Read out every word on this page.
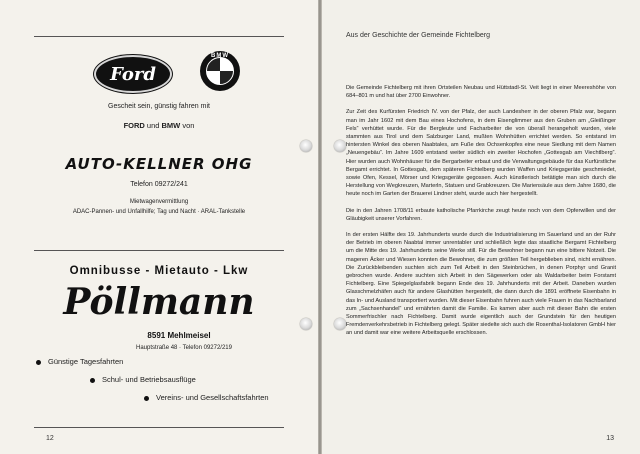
Ford
BMW
Gescheit sein, günstig fahren mit
FORD und BMW von
AUTO-KELLNER OHG
Telefon 09272/241
Mietwagenvermittlung
ADAC-Pannen- und Unfallhilfe; Tag und Nacht · ARAL-Tankstelle
Omnibusse - Mietauto - Lkw
Pöllmann
8591 Mehlmeisel
Hauptstraße 48 · Telefon 09272/219
Günstige Tagesfahrten
Schul- und Betriebsausflüge
Vereins- und Gesellschaftsfahrten
12
Aus der Geschichte der Gemeinde Fichtelberg

Die Gemeinde Fichtelberg mit ihren Ortsteilen Neubau und Hüttstadl-St. Veit liegt in einer Meereshöhe von 684–801 m und hat über 2700 Einwohner.

Zur Zeit des Kurfürsten Friedrich IV. von der Pfalz, der auch Landesherr in der oberen Pfalz war, begann man im Jahr 1602 mit dem Bau eines Hochofens, in dem Eisenglimmer aus den Gruben am „Gleißinger Fels“ verhüttet wurde. Für die Bergleute und Facharbeiter die von überall herangeholt wurden, viele stammten aus Tirol und dem Salzburger Land, mußten Wohnhütten errichtet werden. So entstand im hintersten Winkel des oberen Naabtales, am Fuße des Ochsenkopfes eine neue Siedlung mit dem Namen „Neuengebäu“. Im Jahre 1609 entstand weiter südlich ein zweiter Hochofen „Gottesgab am Viechtlberg“. Hier wurden auch Wohnhäuser für die Bergarbeiter erbaut und die Verwaltungsgebäude für das Kurfürstliche Bergamt errichtet. In Gottesgab, dem späteren Fichtelberg wurden Waffen und Kriegsgeräte geschmiedet, sowie Ofen, Kessel, Mörser und Kriegsgeräte gegossen. Auch künstlerisch betätigte man sich durch die Herstellung von Wegkreuzen, Marterln, Statuen und Grabkreuzen. Die Mariensäule aus dem Jahre 1680, die heute noch im Garten der Brauerei Lindner steht, wurde auch hier hergestellt.

Die in den Jahren 1708/11 erbaute katholische Pfarrkirche zeugt heute noch von dem Opferwillen und der Gläubigkeit unserer Vorfahren.

In der ersten Hälfte des 19. Jahrhunderts wurde durch die Industrialisierung im Sauerland und an der Ruhr der Betrieb im oberen Naabtal immer unrentabler und schließlich legte das staatliche Bergamt Fichtelberg um die Mitte des 19. Jahrhunderts seine Werke still. Für die Bewohner begann nun eine bittere Notzeit. Die mageren Äcker und Wiesen konnten die Bewohner, die zum größten Teil hergeblieben sind, nicht ernähren. Die Zurückbleibenden suchten sich zum Teil Arbeit in den Steinbrüchen, in denen Porphyr und Granit gebrochen wurde. Andere suchten sich Arbeit in den Sägewerken oder als Waldarbeiter beim Forstamt Fichtelberg. Eine Spiegelglasfabrik begann Ende des 19. Jahrhunderts mit der Arbeit. Daneben wurden Glasschmelzhäfen auch für andere Glashütten hergestellt, die dann durch die 1891 eröffnete Eisenbahn in das In- und Ausland transportiert wurden. Mit dieser Eisenbahn fuhren auch viele Frauen in das Nachbarland zum „Sachsenhandel“ und ernährten damit die Familie. Es kamen aber auch mit dieser Bahn die ersten Sommerfrischler nach Fichtelberg. Damit wurde eigentlich auch der Grundstein für den heutigen Fremdenverkehrsbetrieb in Fichtelberg gelegt. Später siedelte sich auch die Rosenthal-Isolatoren GmbH hier an und damit war eine weitere Arbeitsquelle erschlossen.

13
